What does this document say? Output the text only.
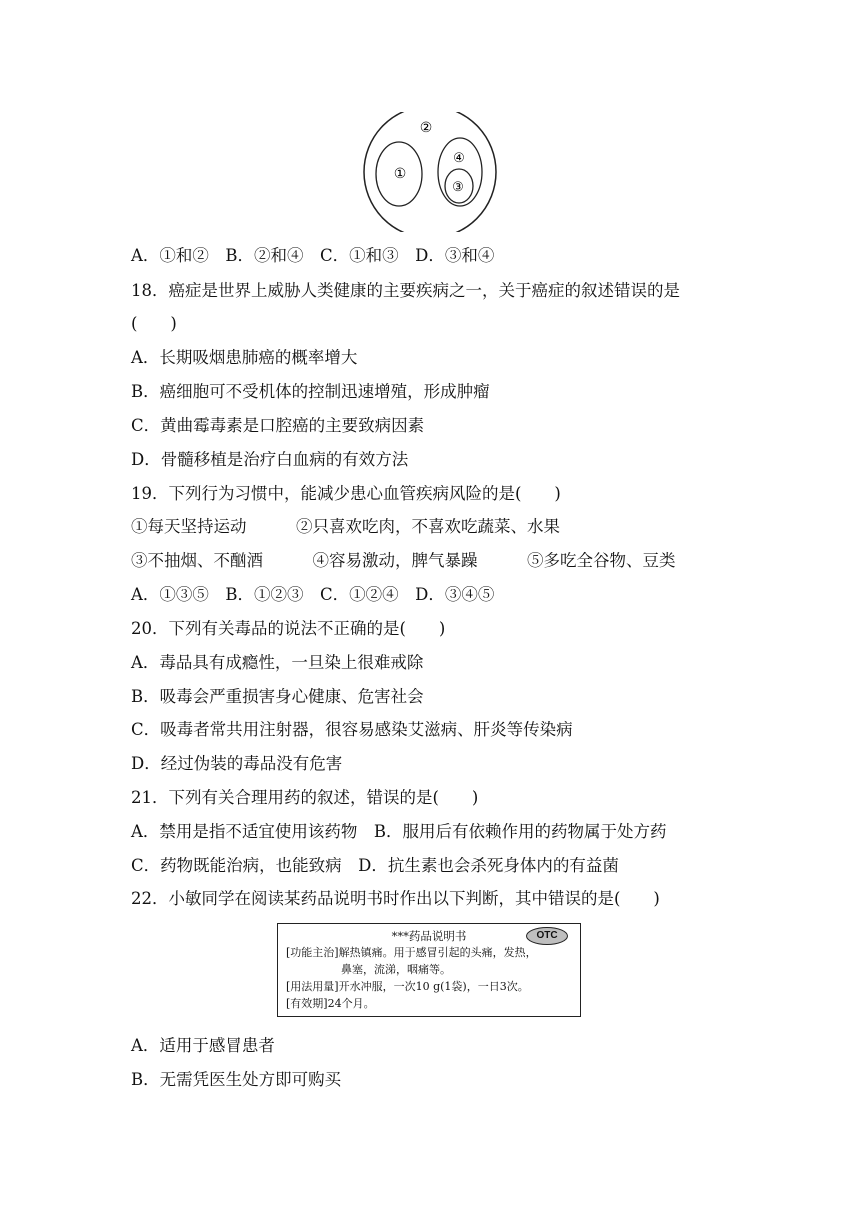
②
④
①
③
A．①和②　B．②和④　C．①和③　D．③和④
18．癌症是世界上威胁人类健康的主要疾病之一，关于癌症的叙述错误的是
(　　)
A．长期吸烟患肺癌的概率增大
B．癌细胞可不受机体的控制迅速增殖，形成肿瘤
C．黄曲霉毒素是口腔癌的主要致病因素
D．骨髓移植是治疗白血病的有效方法
19．下列行为习惯中，能减少患心血管疾病风险的是(　　)
①每天坚持运动　　　②只喜欢吃肉，不喜欢吃蔬菜、水果
③不抽烟、不酗酒　　　④容易激动，脾气暴躁　　　⑤多吃全谷物、豆类
A．①③⑤　B．①②③　C．①②④　D．③④⑤
20．下列有关毒品的说法不正确的是(　　)
A．毒品具有成瘾性，一旦染上很难戒除
B．吸毒会严重损害身心健康、危害社会
C．吸毒者常共用注射器，很容易感染艾滋病、肝炎等传染病
D．经过伪装的毒品没有危害
21．下列有关合理用药的叙述，错误的是(　　)
A．禁用是指不适宜使用该药物　B．服用后有依赖作用的药物属于处方药
C．药物既能治病，也能致病　D．抗生素也会杀死身体内的有益菌
22．小敏同学在阅读某药品说明书时作出以下判断，其中错误的是(　　)
***药品说明书	OTC
[功能主治]解热镇痛。用于感冒引起的头痛，发热，
　　　　　鼻塞，流涕，咽痛等。
[用法用量]开水冲服，一次10 g(1袋)，一日3次。
[有效期]24个月。
A．适用于感冒患者
B．无需凭医生处方即可购买
